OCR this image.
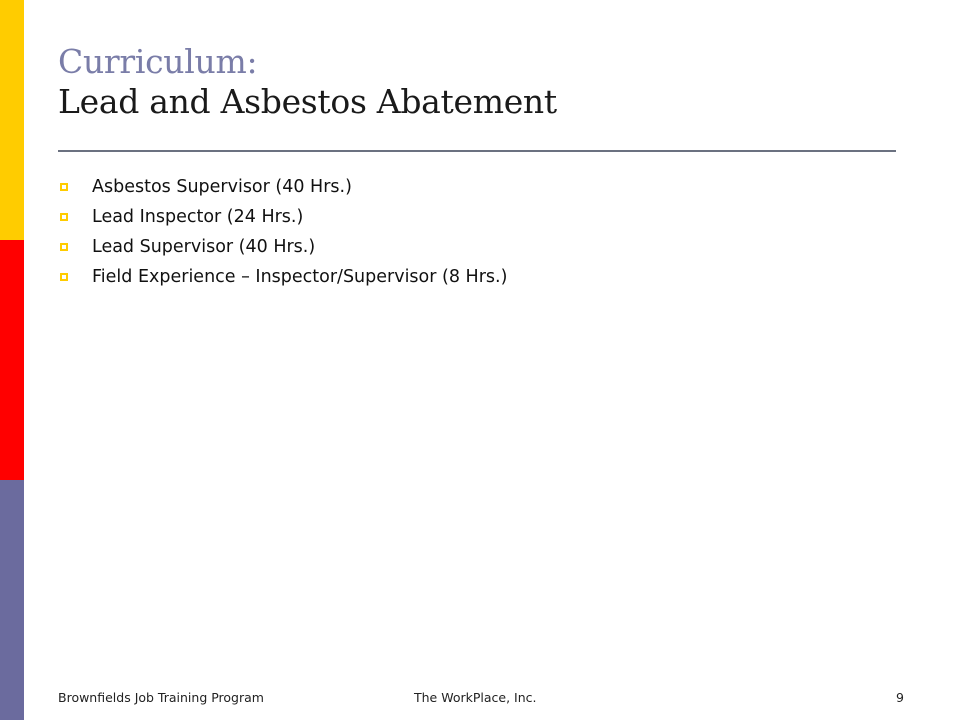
Curriculum:
Lead and Asbestos Abatement
Asbestos Supervisor (40 Hrs.)
Lead Inspector (24 Hrs.)
Lead Supervisor (40 Hrs.)
Field Experience – Inspector/Supervisor (8 Hrs.)
Brownfields Job Training Program	The WorkPlace, Inc.	9
